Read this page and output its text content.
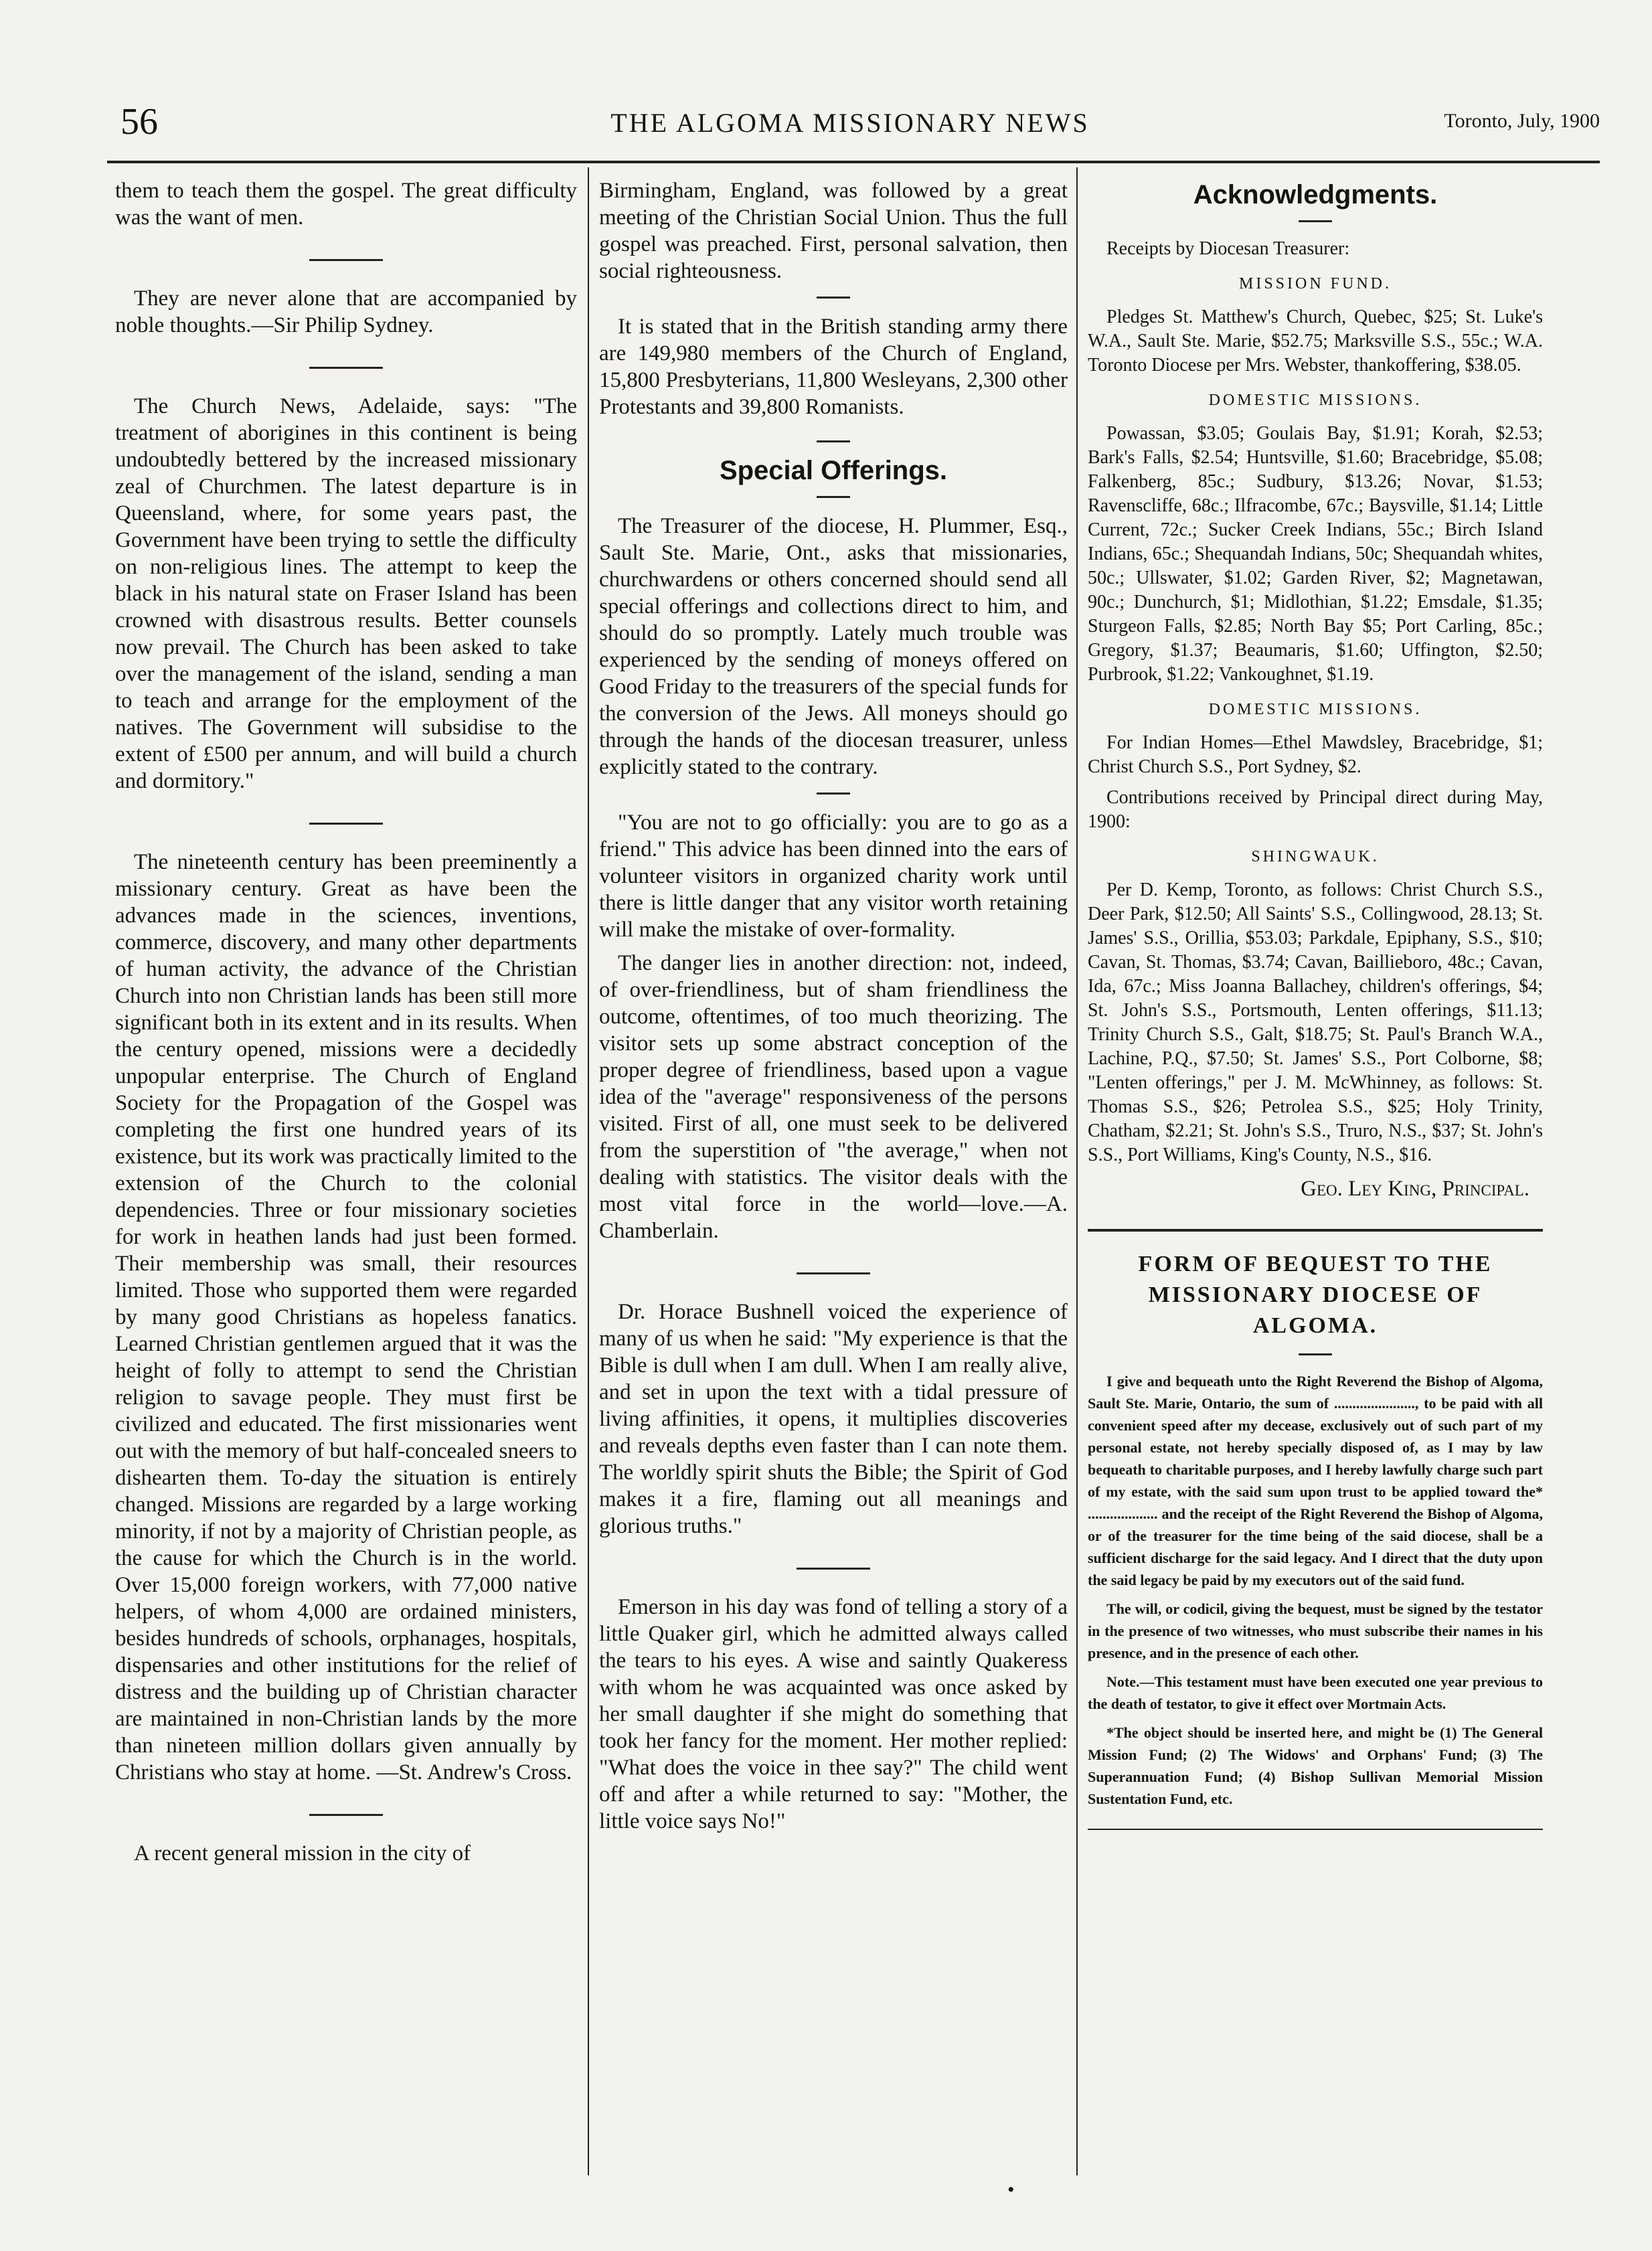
56	THE ALGOMA MISSIONARY NEWS	Toronto, July, 1900

them to teach them the gospel. The great difficulty was the want of men.

They are never alone that are accompanied by noble thoughts.—Sir Philip Sydney.

The Church News, Adelaide, says: "The treatment of aborigines in this continent is being undoubtedly bettered by the increased missionary zeal of Churchmen. The latest departure is in Queensland, where, for some years past, the Government have been trying to settle the difficulty on non-religious lines. The attempt to keep the black in his natural state on Fraser Island has been crowned with disastrous results. Better counsels now prevail. The Church has been asked to take over the management of the island, sending a man to teach and arrange for the employment of the natives. The Government will subsidise to the extent of £500 per annum, and will build a church and dormitory."

The nineteenth century has been preeminently a missionary century. Great as have been the advances made in the sciences, inventions, commerce, discovery, and many other departments of human activity, the advance of the Christian Church into non Christian lands has been still more significant both in its extent and in its results. When the century opened, missions were a decidedly unpopular enterprise. The Church of England Society for the Propagation of the Gospel was completing the first one hundred years of its existence, but its work was practically limited to the extension of the Church to the colonial dependencies. Three or four missionary societies for work in heathen lands had just been formed. Their membership was small, their resources limited. Those who supported them were regarded by many good Christians as hopeless fanatics. Learned Christian gentlemen argued that it was the height of folly to attempt to send the Christian religion to savage people. They must first be civilized and educated. The first missionaries went out with the memory of but half-concealed sneers to dishearten them. To-day the situation is entirely changed. Missions are regarded by a large working minority, if not by a majority of Christian people, as the cause for which the Church is in the world. Over 15,000 foreign workers, with 77,000 native helpers, of whom 4,000 are ordained ministers, besides hundreds of schools, orphanages, hospitals, dispensaries and other institutions for the relief of distress and the building up of Christian character are maintained in non-Christian lands by the more than nineteen million dollars given annually by Christians who stay at home. —St. Andrew's Cross.

A recent general mission in the city of

Birmingham, England, was followed by a great meeting of the Christian Social Union. Thus the full gospel was preached. First, personal salvation, then social righteousness.

It is stated that in the British standing army there are 149,980 members of the Church of England, 15,800 Presbyterians, 11,800 Wesleyans, 2,300 other Protestants and 39,800 Romanists.

Special Offerings.

The Treasurer of the diocese, H. Plummer, Esq., Sault Ste. Marie, Ont., asks that missionaries, churchwardens or others concerned should send all special offerings and collections direct to him, and should do so promptly. Lately much trouble was experienced by the sending of moneys offered on Good Friday to the treasurers of the special funds for the conversion of the Jews. All moneys should go through the hands of the diocesan treasurer, unless explicitly stated to the contrary.

"You are not to go officially: you are to go as a friend." This advice has been dinned into the ears of volunteer visitors in organized charity work until there is little danger that any visitor worth retaining will make the mistake of over-formality.

The danger lies in another direction: not, indeed, of over-friendliness, but of sham friendliness the outcome, oftentimes, of too much theorizing. The visitor sets up some abstract conception of the proper degree of friendliness, based upon a vague idea of the "average" responsiveness of the persons visited. First of all, one must seek to be delivered from the superstition of "the average," when not dealing with statistics. The visitor deals with the most vital force in the world—love.—A. Chamberlain.

Dr. Horace Bushnell voiced the experience of many of us when he said: "My experience is that the Bible is dull when I am dull. When I am really alive, and set in upon the text with a tidal pressure of living affinities, it opens, it multiplies discoveries and reveals depths even faster than I can note them. The worldly spirit shuts the Bible; the Spirit of God makes it a fire, flaming out all meanings and glorious truths."

Emerson in his day was fond of telling a story of a little Quaker girl, which he admitted always called the tears to his eyes. A wise and saintly Quakeress with whom he was acquainted was once asked by her small daughter if she might do something that took her fancy for the moment. Her mother replied: "What does the voice in thee say?" The child went off and after a while returned to say: "Mother, the little voice says No!"

Acknowledgments.

Receipts by Diocesan Treasurer:

MISSION FUND.

Pledges St. Matthew's Church, Quebec, $25; St. Luke's W.A., Sault Ste. Marie, $52.75; Marksville S.S., 55c.; W.A. Toronto Diocese per Mrs. Webster, thankoffering, $38.05.

DOMESTIC MISSIONS.

Powassan, $3.05; Goulais Bay, $1.91; Korah, $2.53; Bark's Falls, $2.54; Huntsville, $1.60; Bracebridge, $5.08; Falkenberg, 85c.; Sudbury, $13.26; Novar, $1.53; Ravenscliffe, 68c.; Ilfracombe, 67c.; Baysville, $1.14; Little Current, 72c.; Sucker Creek Indians, 55c.; Birch Island Indians, 65c.; Shequandah Indians, 50c; Shequandah whites, 50c.; Ullswater, $1.02; Garden River, $2; Magnetawan, 90c.; Dunchurch, $1; Midlothian, $1.22; Emsdale, $1.35; Sturgeon Falls, $2.85; North Bay $5; Port Carling, 85c.; Gregory, $1.37; Beaumaris, $1.60; Uffington, $2.50; Purbrook, $1.22; Vankoughnet, $1.19.

DOMESTIC MISSIONS.

For Indian Homes—Ethel Mawdsley, Bracebridge, $1; Christ Church S.S., Port Sydney, $2.

Contributions received by Principal direct during May, 1900:

SHINGWAUK.

Per D. Kemp, Toronto, as follows: Christ Church S.S., Deer Park, $12.50; All Saints' S.S., Collingwood, 28.13; St. James' S.S., Orillia, $53.03; Parkdale, Epiphany, S.S., $10; Cavan, St. Thomas, $3.74; Cavan, Baillieboro, 48c.; Cavan, Ida, 67c.; Miss Joanna Ballachey, children's offerings, $4; St. John's S.S., Portsmouth, Lenten offerings, $11.13; Trinity Church S.S., Galt, $18.75; St. Paul's Branch W.A., Lachine, P.Q., $7.50; St. James' S.S., Port Colborne, $8; "Lenten offerings," per J. M. McWhinney, as follows: St. Thomas S.S., $26; Petrolea S.S., $25; Holy Trinity, Chatham, $2.21; St. John's S.S., Truro, N.S., $37; St. John's S.S., Port Williams, King's County, N.S., $16.

Geo. Ley King, Principal.
FORM OF BEQUEST TO THE MISSIONARY DIOCESE OF ALGOMA.

I give and bequeath unto the Right Reverend the Bishop of Algoma, Sault Ste. Marie, Ontario, the sum of ......................, to be paid with all convenient speed after my decease, exclusively out of such part of my personal estate, not hereby specially disposed of, as I may by law bequeath to charitable purposes, and I hereby lawfully charge such part of my estate, with the said sum upon trust to be applied toward the* ................... and the receipt of the Right Reverend the Bishop of Algoma, or of the treasurer for the time being of the said diocese, shall be a sufficient discharge for the said legacy. And I direct that the duty upon the said legacy be paid by my executors out of the said fund.

The will, or codicil, giving the bequest, must be signed by the testator in the presence of two witnesses, who must subscribe their names in his presence, and in the presence of each other.

Note.—This testament must have been executed one year previous to the death of testator, to give it effect over Mortmain Acts.

*The object should be inserted here, and might be (1) The General Mission Fund; (2) The Widows' and Orphans' Fund; (3) The Superannuation Fund; (4) Bishop Sullivan Memorial Mission Sustentation Fund, etc.

•
